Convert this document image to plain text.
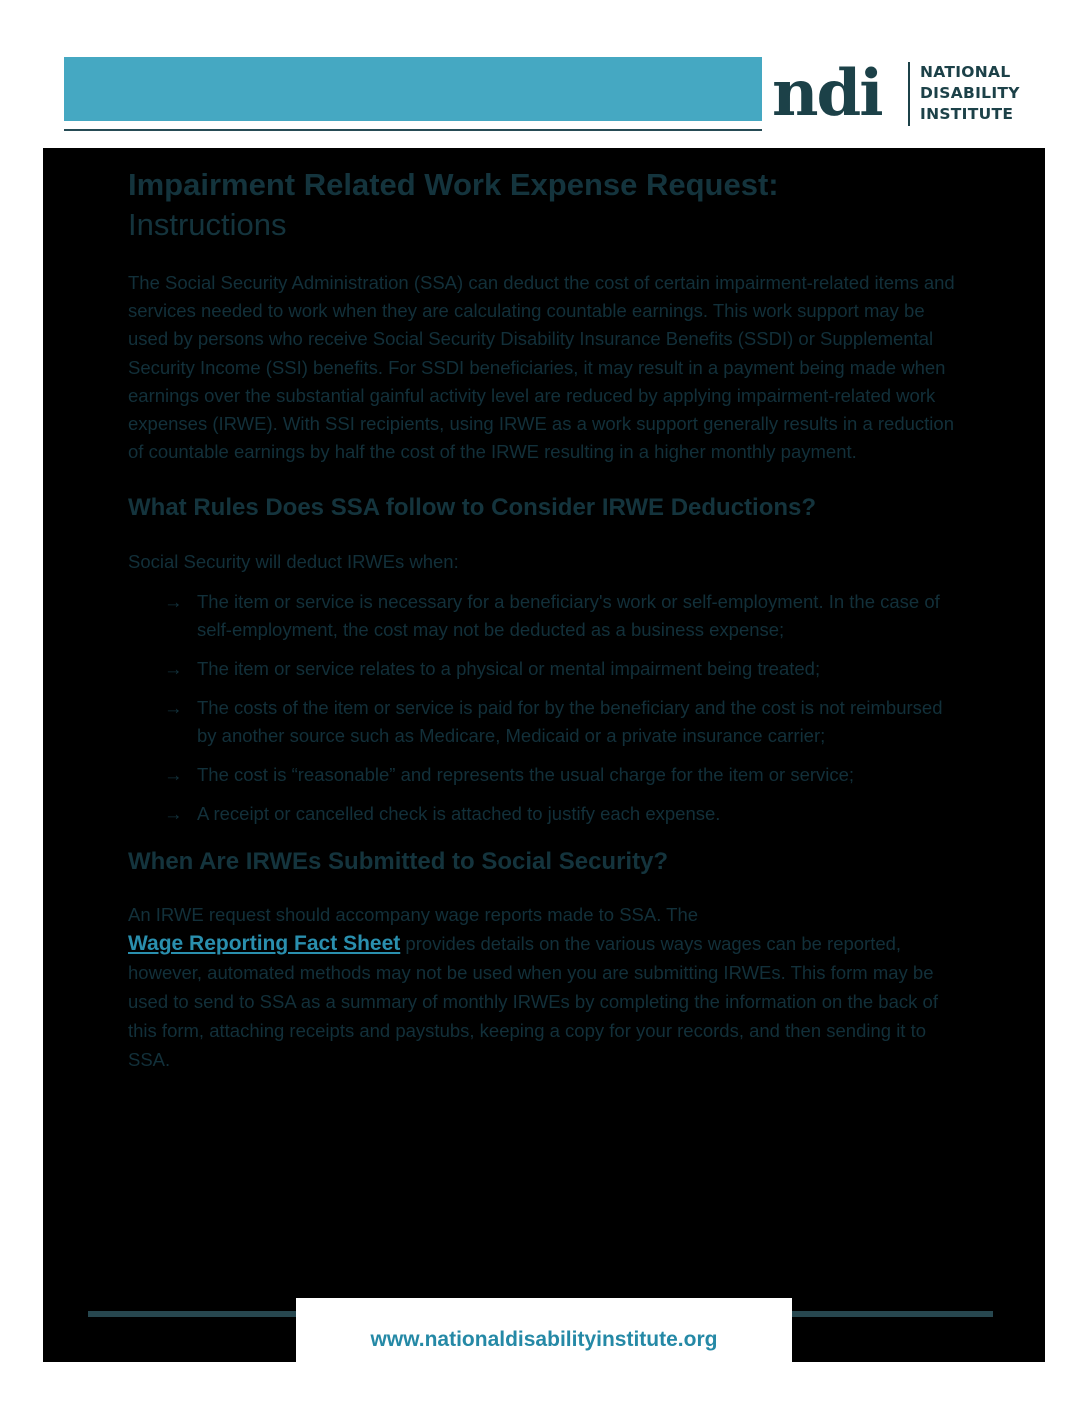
ndi NATIONAL
DISABILITY
INSTITUTE
Impairment Related Work Expense Request:
Instructions

The Social Security Administration (SSA) can deduct the cost of certain impairment-related items and services needed to work when they are calculating countable earnings. This work support may be used by persons who receive Social Security Disability Insurance Benefits (SSDI) or Supplemental Security Income (SSI) benefits. For SSDI beneficiaries, it may result in a payment being made when earnings over the substantial gainful activity level are reduced by applying impairment-related work expenses (IRWE). With SSI recipients, using IRWE as a work support generally results in a reduction of countable earnings by half the cost of the IRWE resulting in a higher monthly payment.

What Rules Does SSA follow to Consider IRWE Deductions?

Social Security will deduct IRWEs when:

→ The item or service is necessary for a beneficiary's work or self-employment. In the case of self-employment, the cost may not be deducted as a business expense;
→ The item or service relates to a physical or mental impairment being treated;
→ The costs of the item or service is paid for by the beneficiary and the cost is not reimbursed by another source such as Medicare, Medicaid or a private insurance carrier;
→ The cost is “reasonable” and represents the usual charge for the item or service;
→ A receipt or cancelled check is attached to justify each expense.
When Are IRWEs Submitted to Social Security?

An IRWE request should accompany wage reports made to SSA. The
Wage Reporting Fact Sheet provides details on the various ways wages can be reported, however, automated methods may not be used when you are submitting IRWEs. This form may be used to send to SSA as a summary of monthly IRWEs by completing the information on the back of this form, attaching receipts and paystubs, keeping a copy for your records, and then sending it to SSA.

www.nationaldisabilityinstitute.org
